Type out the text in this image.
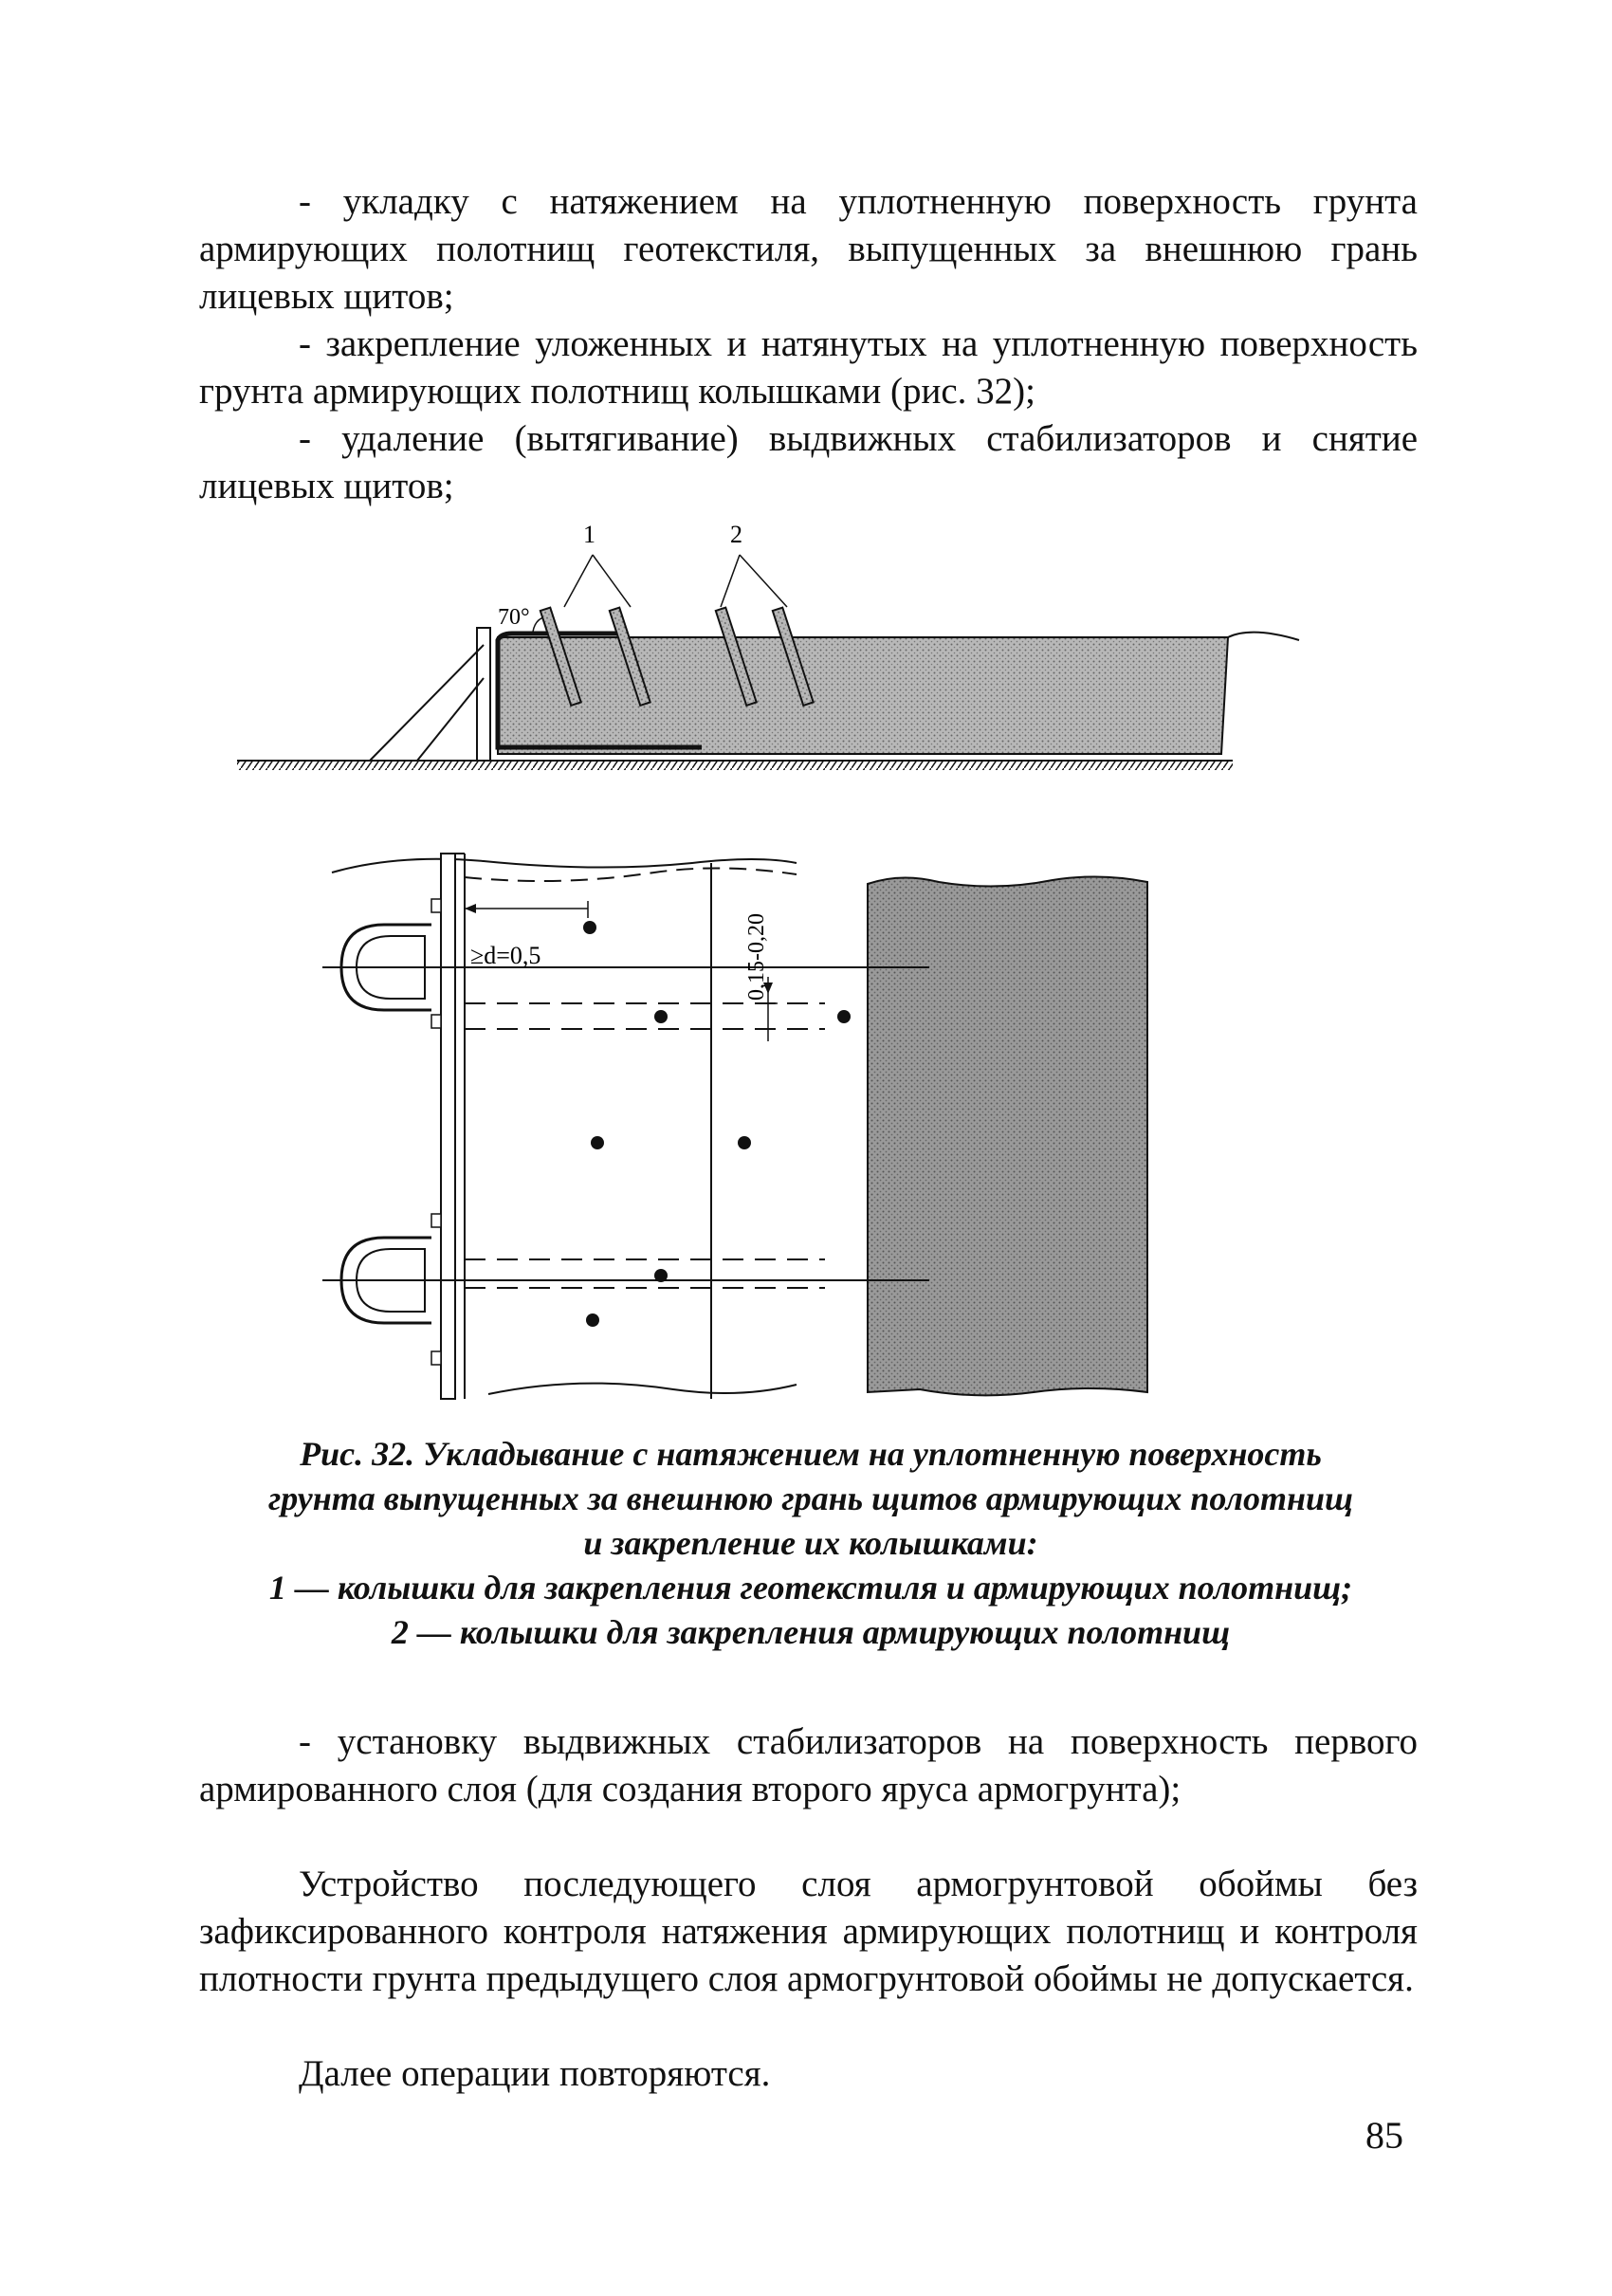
- укладку с натяжением на уплотненную поверхность грунта армирующих полотнищ геотекстиля, выпущенных за внешнюю грань лицевых щитов;

- закрепление уложенных и натянутых на уплотненную поверхность грунта армирующих полотнищ колышками (рис. 32);

- удаление (вытягивание) выдвижных стабилизаторов и снятие лицевых щитов;

70°
1	2
≥d=0,5	0,15-0,20
Рис. 32. Укладывание с натяжением на уплотненную поверхность
грунта выпущенных за внешнюю грань щитов армирующих полотнищ
и закрепление их колышками:
1 — колышки для закрепления геотекстиля и армирующих полотнищ;
2 — колышки для закрепления армирующих полотнищ

- установку выдвижных стабилизаторов на поверхность первого армированного слоя (для создания второго яруса армогрунта);

Устройство последующего слоя армогрунтовой обоймы без зафиксированного контроля натяжения армирующих полотнищ и контроля плотности грунта предыдущего слоя армогрунтовой обоймы не допускается.

Далее операции повторяются.

85
